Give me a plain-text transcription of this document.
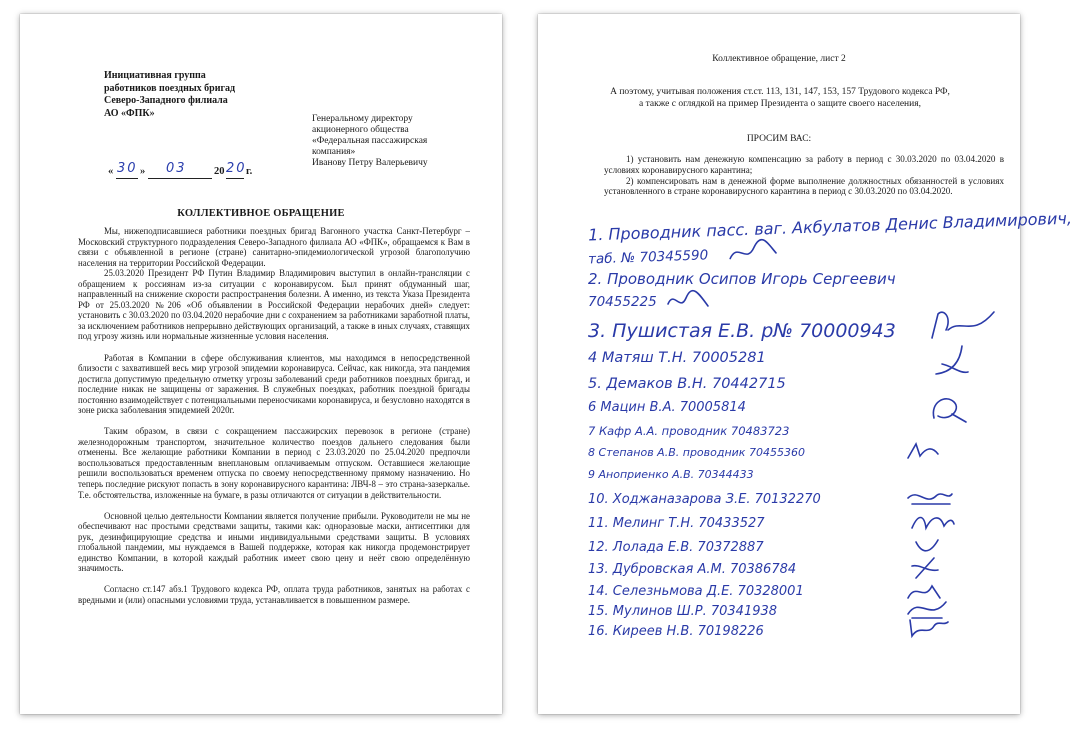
Инициативная группа
работников поездных бригад
Северо-Западного филиала
АО «ФПК»
Генеральному директору
акционерного общества
«Федеральная пассажирская
компания»
Иванову Петру Валерьевичу
« 30 » 03	20 20 г.
КОЛЛЕКТИВНОЕ ОБРАЩЕНИЕ

Мы, нижеподписавшиеся работники поездных бригад Вагонного участка Санкт-Петербург – Московский структурного подразделения Северо-Западного филиала АО «ФПК», обращаемся к Вам в связи с объявленной в регионе (стране) санитарно-эпидемиологической угрозой благополучию населения на территории Российской Федерации.

25.03.2020 Президент РФ Путин Владимир Владимирович выступил в онлайн-трансляции с обращением к россиянам из-за ситуации с коронавирусом. Был принят обдуманный шаг, направленный на снижение скорости распространения болезни. А именно, из текста Указа Президента РФ от 25.03.2020 №206 «Об объявлении в Российской Федерации нерабочих дней» следует: установить с 30.03.2020 по 03.04.2020 нерабочие дни с сохранением за работниками заработной платы, за исключением работников непрерывно действующих организаций, а также в иных случаях, ставящих под угрозу жизнь или нормальные жизненные условия населения.

Работая в Компании в сфере обслуживания клиентов, мы находимся в непосредственной близости с захватившей весь мир угрозой эпидемии коронавируса. Сейчас, как никогда, эта пандемия достигла допустимую предельную отметку угрозы заболеваний среди работников поездных бригад, и последние никак не защищены от заражения. В служебных поездках, работник поездной бригады постоянно взаимодействует с потенциальными переносчиками коронавируса, и безусловно находятся в зоне риска заболевания эпидемией 2020г.

Таким образом, в связи с сокращением пассажирских перевозок в регионе (стране) железнодорожным транспортом, значительное количество поездов дальнего следования были отменены. Все желающие работники Компании в период с 23.03.2020 по 25.04.2020 предпочли воспользоваться предоставленным внеплановым оплачиваемым отпуском. Оставшиеся желающие решили воспользоваться временем отпуска по своему непосредственному прямому назначению. Но теперь последние рискуют попасть в зону коронавирусного карантина: ЛВЧ-8 – это страна-зазеркалье. Т.е. обстоятельства, изложенные на бумаге, в разы отличаются от ситуации в действительности.

Основной целью деятельности Компании является получение прибыли. Руководители не мы не обеспечивают нас простыми средствами защиты, такими как: одноразовые маски, антисептики для рук, дезинфицирующие средства и иными индивидуальными средствами защиты. В условиях глобальной пандемии, мы нуждаемся в Вашей поддержке, которая как никогда продемонстрирует единство Компании, в которой каждый работник имеет свою цену и неёт свою определённую значимость.

Согласно ст.147 абз.1 Трудового кодекса РФ, оплата труда работников, занятых на работах с вредными и (или) опасными условиями труда, устанавливается в повышенном размере.

Коллективное обращение, лист 2
А поэтому, учитывая положения ст.ст. 113, 131, 147, 153, 157 Трудового кодекса РФ,
а также с оглядкой на пример Президента о защите своего населения,
ПРОСИМ ВАС:

1) установить нам денежную компенсацию за работу в период с 30.03.2020 по 03.04.2020 в условиях коронавирусного карантина;

2) компенсировать нам в денежной форме выполнение должностных обязанностей в условиях установленного в стране коронавирусного карантина в период с 30.03.2020 по 03.04.2020.

1. Проводник пасс. ваг. Акбулатов Денис Владимирович,
таб. № 70345590
2. Проводник Осипов Игорь Сергеевич
70455225
3. Пушистая Е.В. р№ 70000943
4 Матяш Т.Н. 70005281
5. Демаков В.Н. 70442715
6 Мацин В.А. 70005814
7 Кафр А.А. проводник 70483723
8 Степанов А.В. проводник 70455360
9 Аноприенко А.В. 70344433
10. Ходжаназарова З.Е. 70132270
11. Мелинг Т.Н. 70433527
12. Лолада Е.В. 70372887
13. Дубровская А.М. 70386784
14. Селезньмова Д.Е. 70328001
15. Мулинов Ш.Р. 70341938
16. Киреев Н.В. 70198226
